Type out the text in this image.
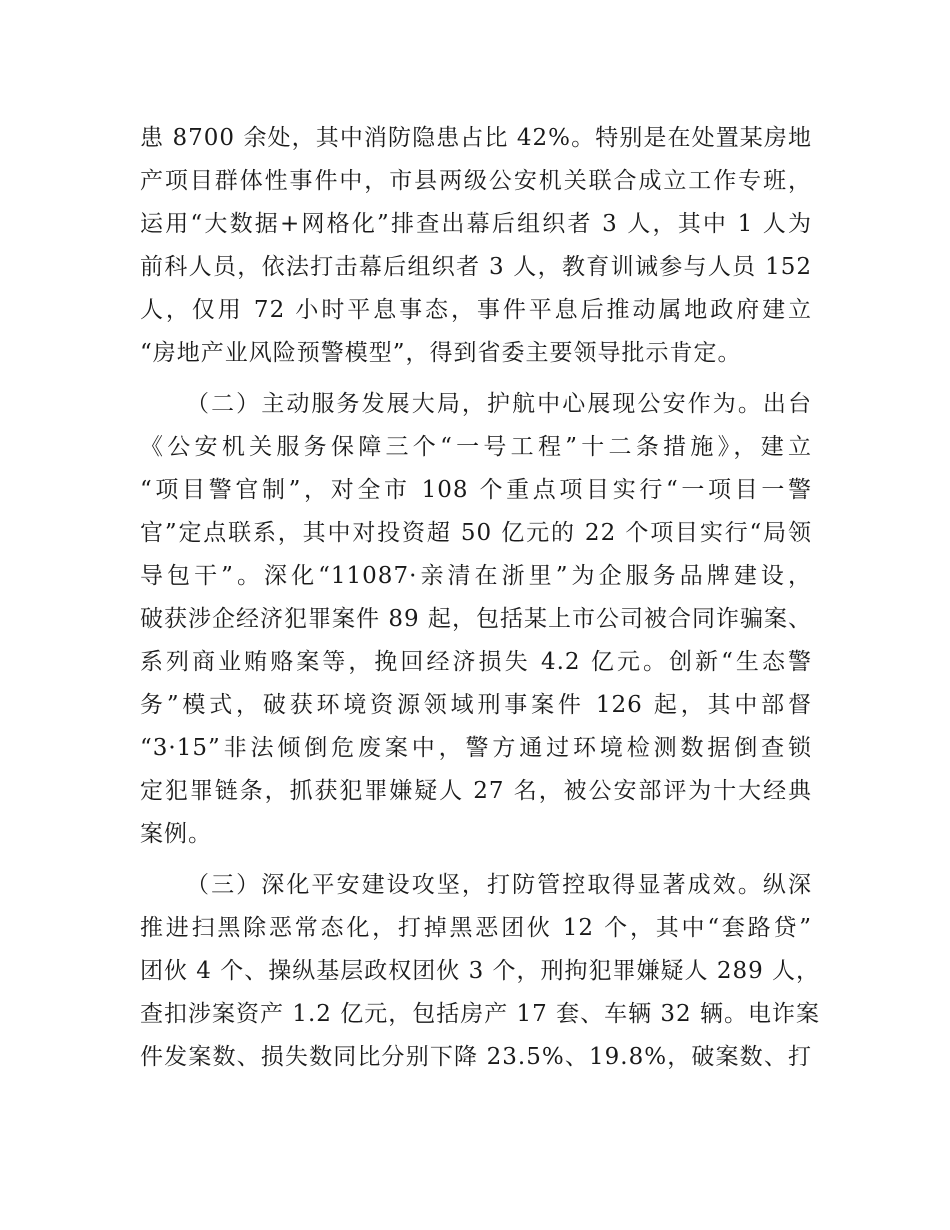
患 8700 余处，其中消防隐患占比 42%。特别是在处置某房地
产项目群体性事件中，市县两级公安机关联合成立工作专班，
运用“大数据+网格化”排查出幕后组织者 3 人，其中 1 人为
前科人员，依法打击幕后组织者 3 人，教育训诫参与人员 152
人，仅用 72 小时平息事态，事件平息后推动属地政府建立
“房地产业风险预警模型”，得到省委主要领导批示肯定。
（二）主动服务发展大局，护航中心展现公安作为。出台
《公安机关服务保障三个“一号工程”十二条措施》，建立
“项目警官制”，对全市 108 个重点项目实行“一项目一警
官”定点联系，其中对投资超 50 亿元的 22 个项目实行“局领
导包干”。深化“11087·亲清在浙里”为企服务品牌建设，
破获涉企经济犯罪案件 89 起，包括某上市公司被合同诈骗案、
系列商业贿赂案等，挽回经济损失 4.2 亿元。创新“生态警
务”模式，破获环境资源领域刑事案件 126 起，其中部督
“3·15”非法倾倒危废案中，警方通过环境检测数据倒查锁
定犯罪链条，抓获犯罪嫌疑人 27 名，被公安部评为十大经典
案例。
（三）深化平安建设攻坚，打防管控取得显著成效。纵深
推进扫黑除恶常态化，打掉黑恶团伙 12 个，其中“套路贷”
团伙 4 个、操纵基层政权团伙 3 个，刑拘犯罪嫌疑人 289 人，
查扣涉案资产 1.2 亿元，包括房产 17 套、车辆 32 辆。电诈案
件发案数、损失数同比分别下降 23.5%、19.8%，破案数、打
